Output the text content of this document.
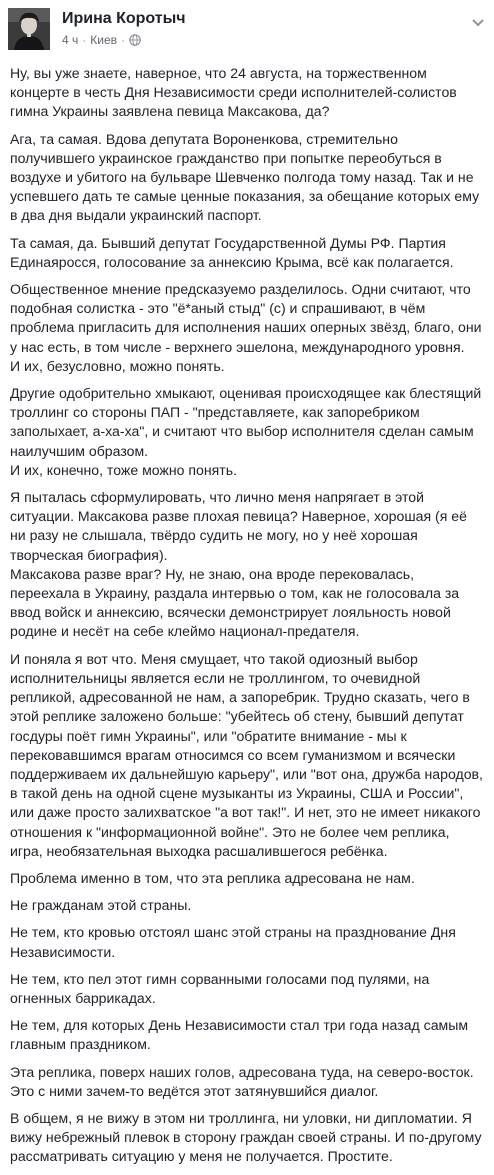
Ирина Коротыч
4 ч · Киев ·

Ну, вы уже знаете, наверное, что 24 августа, на торжественном концерте в честь Дня Независимости среди исполнителей-солистов гимна Украины заявлена певица Максакова, да?

Ага, та самая. Вдова депутата Вороненкова, стремительно получившего украинское гражданство при попытке переобуться в воздухе и убитого на бульваре Шевченко полгода тому назад. Так и не успевшего дать те самые ценные показания, за обещание которых ему в два дня выдали украинский паспорт.

Та самая, да. Бывший депутат Государственной Думы РФ. Партия Единаяросся, голосование за аннексию Крыма, всё как полагается.

Общественное мнение предсказуемо разделилось. Одни считают, что подобная солистка - это "ё*аный стыд" (с) и спрашивают, в чём проблема пригласить для исполнения наших оперных звёзд, благо, они у нас есть, в том числе - верхнего эшелона, международного уровня.
И их, безусловно, можно понять.

Другие одобрительно хмыкают, оценивая происходящее как блестящий троллинг со стороны ПАП - "представляете, как запоребриком заполыхает, а-ха-ха", и считают что выбор исполнителя сделан самым наилучшим образом.
И их, конечно, тоже можно понять.

Я пыталась сформулировать, что лично меня напрягает в этой ситуации. Максакова разве плохая певица? Наверное, хорошая (я её ни разу не слышала, твёрдо судить не могу, но у неё хорошая творческая биография).
Максакова разве враг? Ну, не знаю, она вроде перековалась, переехала в Украину, раздала интервью о том, как не голосовала за ввод войск и аннексию, всячески демонстрирует лояльность новой родине и несёт на себе клеймо национал-предателя.

И поняла я вот что. Меня смущает, что такой одиозный выбор исполнительницы является если не троллингом, то очевидной репликой, адресованной не нам, а запоребрик. Трудно сказать, чего в этой реплике заложено больше: "убейтесь об стену, бывший депутат госдуры поёт гимн Украины", или "обратите внимание - мы к перековавшимся врагам относимся со всем гуманизмом и всячески поддерживаем их дальнейшую карьеру", или "вот она, дружба народов, в такой день на одной сцене музыканты из Украины, США и России", или даже просто залихватское "а вот так!". И нет, это не имеет никакого отношения к "информационной войне". Это не более чем реплика, игра, необязательная выходка расшалившегося ребёнка.

Проблема именно в том, что эта реплика адресована не нам.

Не гражданам этой страны.

Не тем, кто кровью отстоял шанс этой страны на празднование Дня Независимости.

Не тем, кто пел этот гимн сорванными голосами под пулями, на огненных баррикадах.

Не тем, для которых День Независимости стал три года назад самым главным праздником.

Эта реплика, поверх наших голов, адресована туда, на северо-восток. Это с ними зачем-то ведётся этот затянувшийся диалог.

В общем, я не вижу в этом ни троллинга, ни уловки, ни дипломатии. Я вижу небрежный плевок в сторону граждан своей страны. И по-другому рассматривать ситуацию у меня не получается. Простите.
